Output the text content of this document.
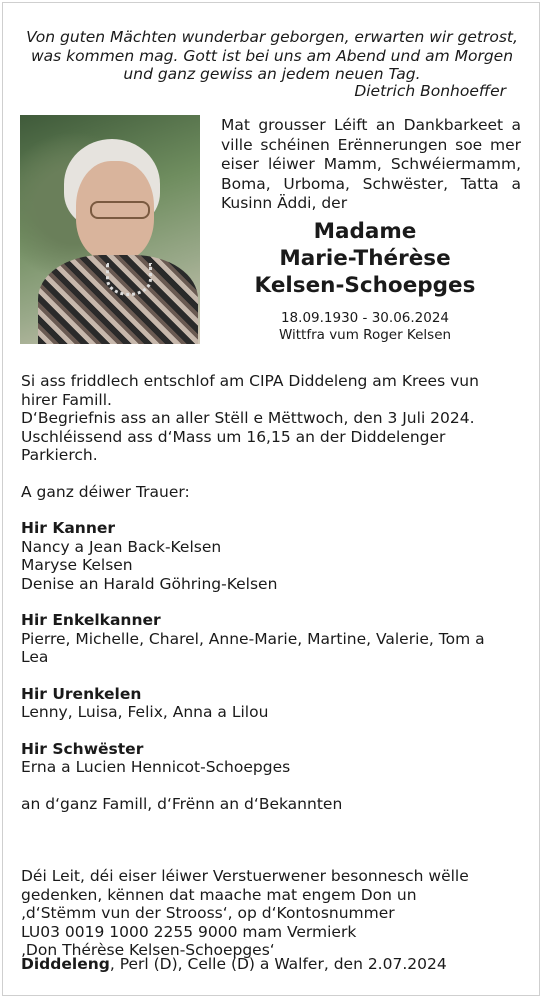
Von guten Mächten wunderbar geborgen, erwarten wir getrost,
was kommen mag. Gott ist bei uns am Abend und am Morgen
und ganz gewiss an jedem neuen Tag.
Dietrich Bonhoeffer
Mat grousser Léift an Dankbarkeet a ville schéinen Erënnerungen soe mer eiser léiwer Mamm, Schwéiermamm, Boma, Urboma, Schwëster, Tatta a Kusinn Äddi, der
Madame
Marie-Thérèse
Kelsen-Schoepges
18.09.1930 - 30.06.2024
Wittfra vum Roger Kelsen

Si ass friddlech entschlof am CIPA Diddeleng am Krees vun

hirer Famill.

D‘Begriefnis ass an aller Stëll e Mëttwoch, den 3 Juli 2024.

Uschléissend ass d‘Mass um 16,15 an der Diddelenger

Parkierch.

A ganz déiwer Trauer:

Hir Kanner

Nancy a Jean Back-Kelsen

Maryse Kelsen

Denise an Harald Göhring-Kelsen

Hir Enkelkanner

Pierre, Michelle, Charel, Anne-Marie, Martine, Valerie, Tom a

Lea

Hir Urenkelen

Lenny, Luisa, Felix, Anna a Lilou

Hir Schwëster

Erna a Lucien Hennicot-Schoepges

an d‘ganz Famill, d‘Frënn an d‘Bekannten

Déi Leit, déi eiser léiwer Verstuerwener besonnesch wëlle

gedenken, kënnen dat maache mat engem Don un

‚d‘Stëmm vun der Strooss‘, op d‘Kontosnummer

LU03 0019 1000 2255 9000 mam Vermierk

‚Don Thérèse Kelsen-Schoepges‘

Diddeleng, Perl (D), Celle (D) a Walfer, den 2.07.2024
